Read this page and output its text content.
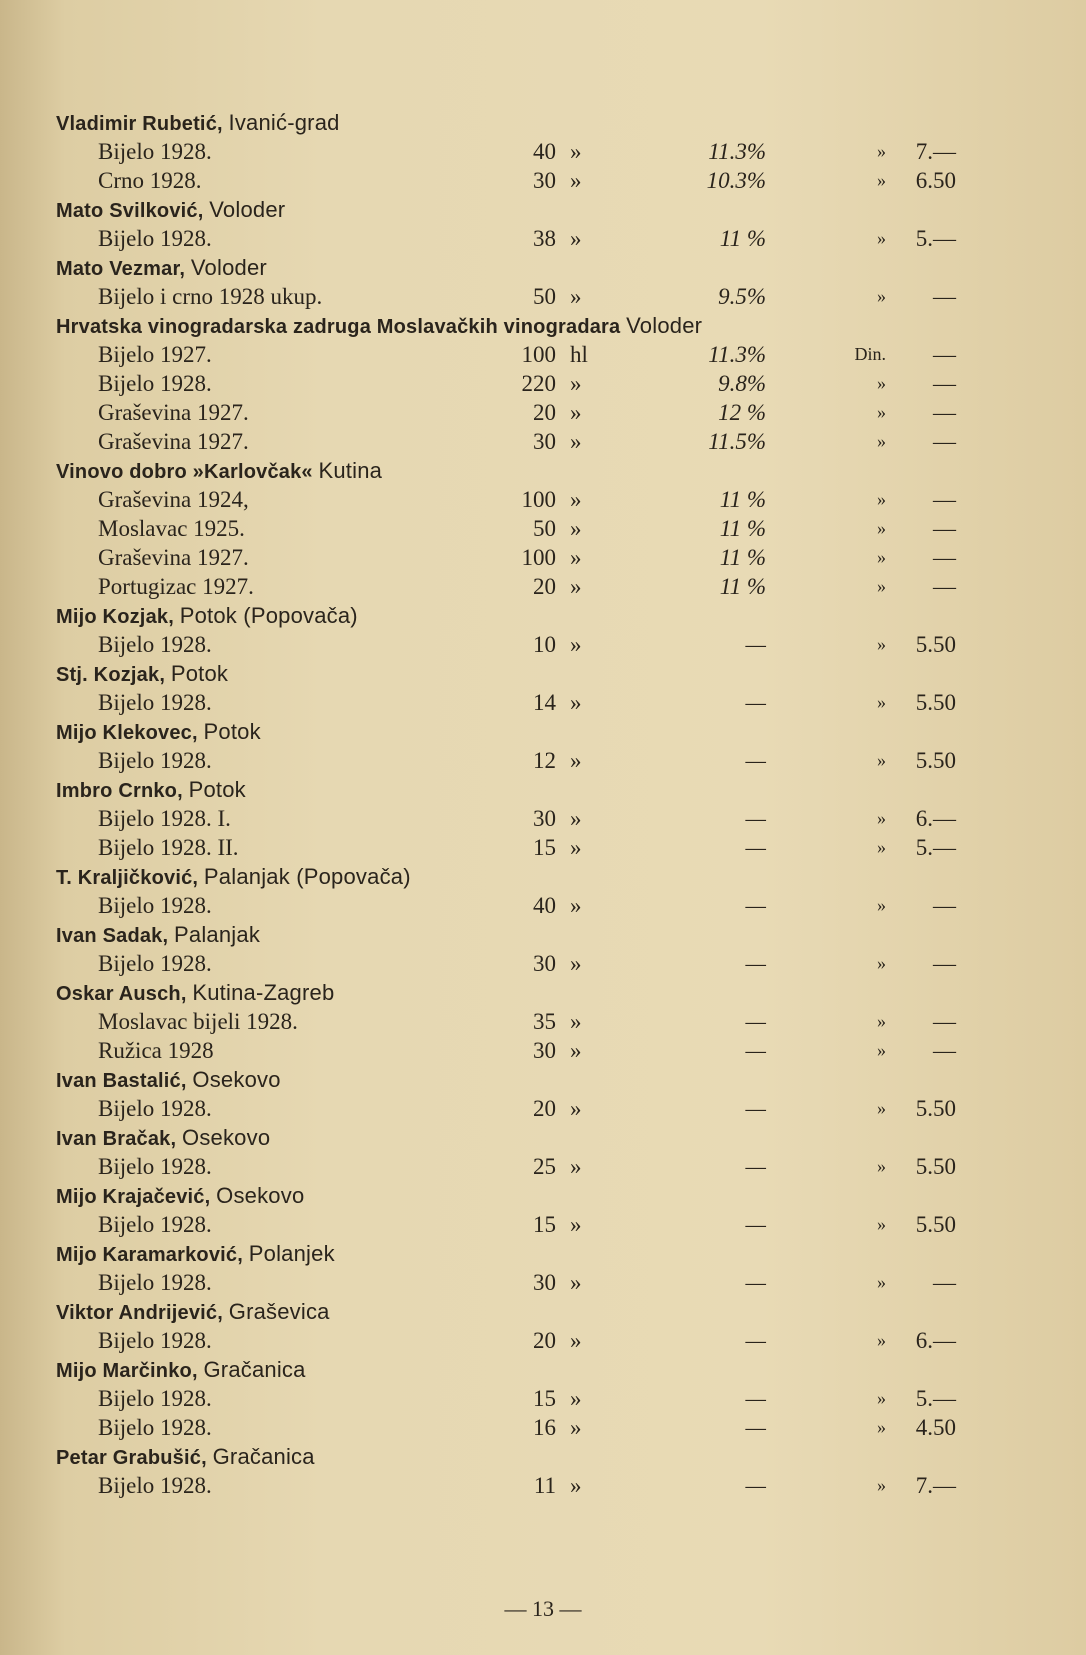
Vladimir Rubetić, Ivanić-grad
Bijelo 1928.	40 »	11.3%	» 7.—
Crno 1928.	30 »	10.3%	» 6.50
Mato Svilković, Voloder
Bijelo 1928.	38 »	11 %	» 5.—
Mato Vezmar, Voloder
Bijelo i crno 1928 ukup.	50 »	9.5%	» —
Hrvatska vinogradarska zadruga Moslavačkih vinogradara Voloder
Bijelo 1927.	100 hl	11.3%	Din. —
Bijelo 1928.	220 »	9.8%	» —
Graševina 1927.	20 »	12 %	» —
Graševina 1927.	30 »	11.5%	» —
Vinovo dobro »Karlovčak« Kutina
Graševina 1924,	100 »	11 %	» —
Moslavac 1925.	50 »	11 %	» —
Graševina 1927.	100 »	11 %	» —
Portugizac 1927.	20 »	11 %	» —
Mijo Kozjak, Potok (Popovača)
Bijelo 1928.	10 »	—	» 5.50
Stj. Kozjak, Potok
Bijelo 1928.	14 »	—	» 5.50
Mijo Klekovec, Potok
Bijelo 1928.	12 »	—	» 5.50
Imbro Crnko, Potok
Bijelo 1928. I.	30 »	—	» 6.—
Bijelo 1928. II.	15 »	—	» 5.—
T. Kraljičković, Palanjak (Popovača)
Bijelo 1928.	40 »	—	» —
Ivan Sadak, Palanjak
Bijelo 1928.	30 »	—	» —
Oskar Ausch, Kutina-Zagreb
Moslavac bijeli 1928.	35 »	—	» —
Ružica 1928	30 »	—	» —
Ivan Bastalić, Osekovo
Bijelo 1928.	20 »	—	» 5.50
Ivan Bračak, Osekovo
Bijelo 1928.	25 »	—	» 5.50
Mijo Krajačević, Osekovo
Bijelo 1928.	15 »	—	» 5.50
Mijo Karamarković, Polanjek
Bijelo 1928.	30 »	—	» —
Viktor Andrijević, Graševica
Bijelo 1928.	20 »	—	» 6.—
Mijo Marčinko, Gračanica
Bijelo 1928.	15 »	—	» 5.—
Bijelo 1928.	16 »	—	» 4.50
Petar Grabušić, Gračanica
Bijelo 1928.	11 »	—	» 7.—
— 13 —
